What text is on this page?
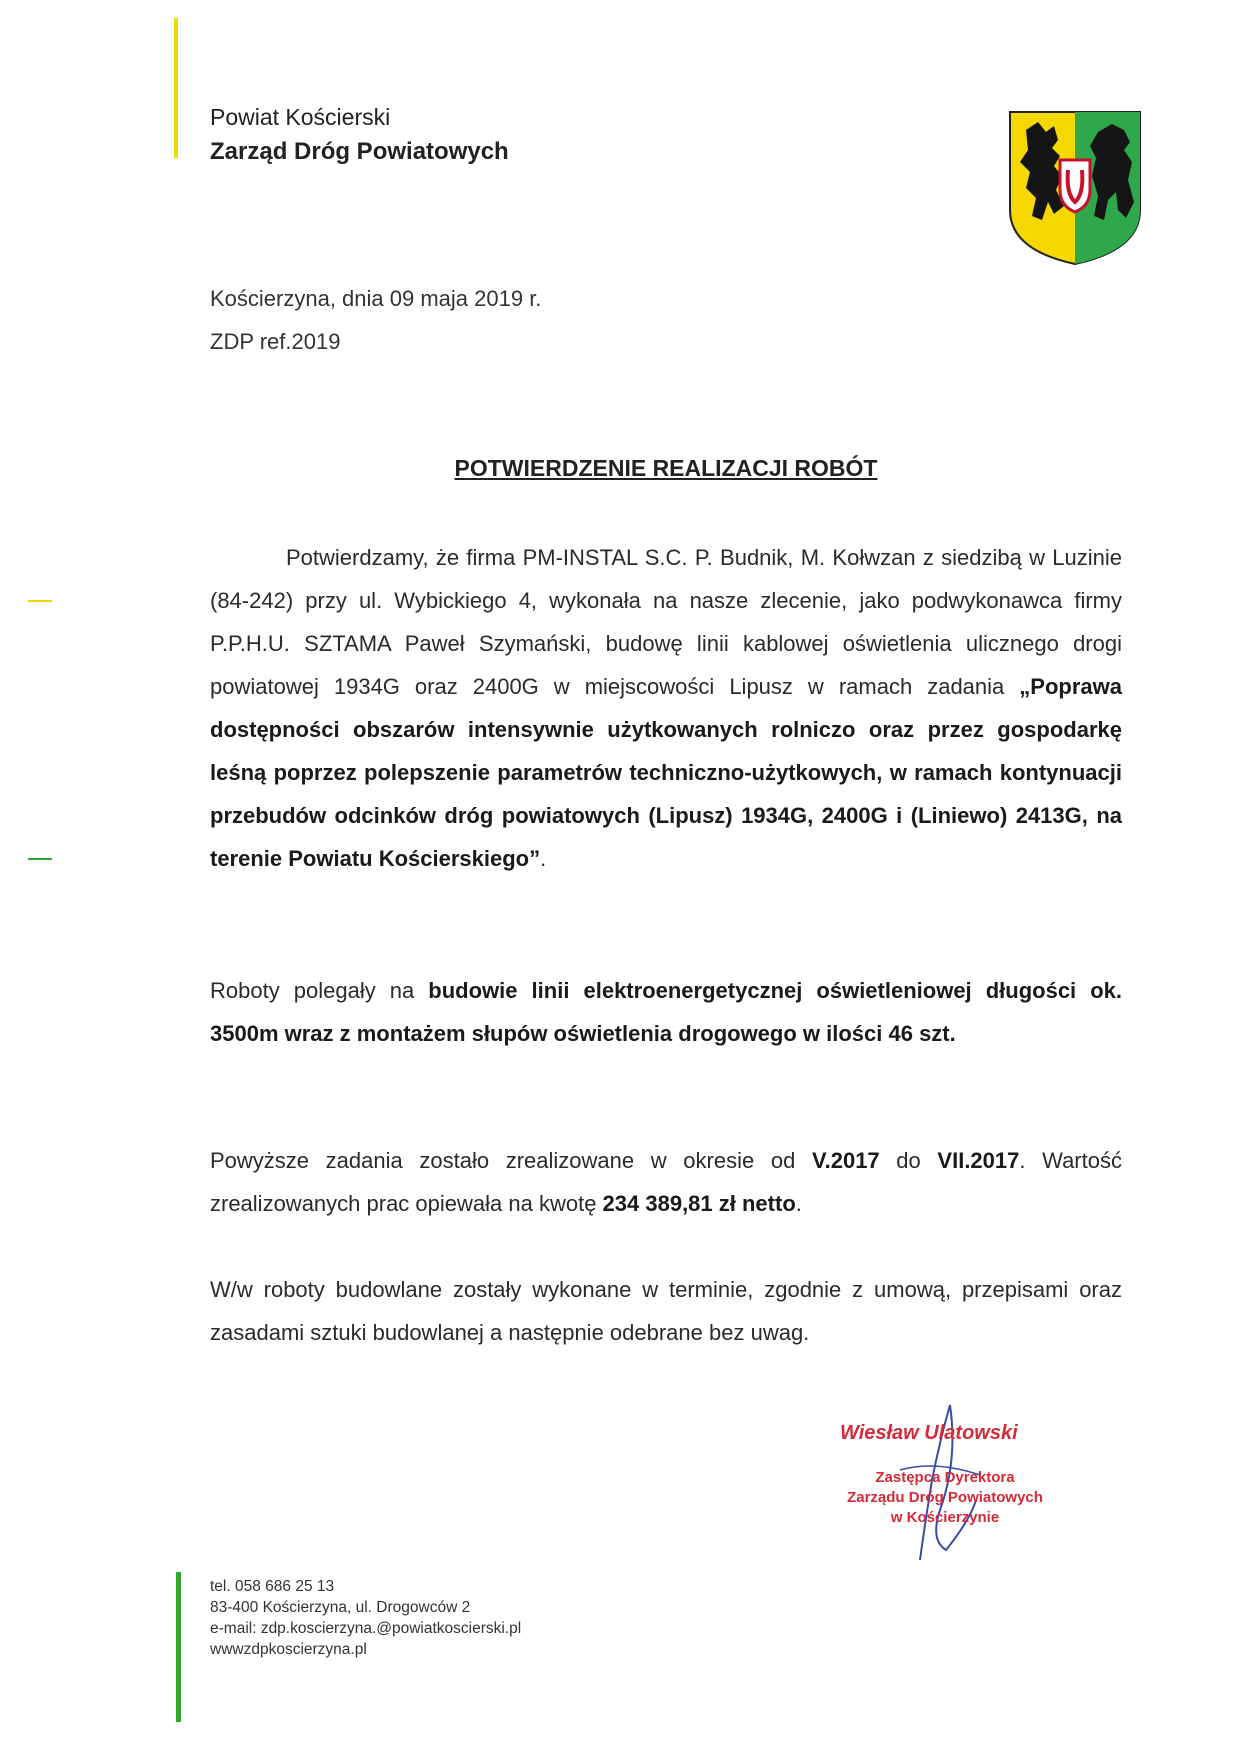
Powiat Kościerski
Zarząd Dróg Powiatowych
Kościerzyna, dnia 09 maja 2019 r.
ZDP ref.2019
POTWIERDZENIE REALIZACJI ROBÓT
Potwierdzamy, że firma PM-INSTAL S.C. P. Budnik, M. Kołwzan z siedzibą w Luzinie (84-242) przy ul. Wybickiego 4, wykonała na nasze zlecenie, jako podwykonawca firmy P.P.H.U. SZTAMA Paweł Szymański, budowę linii kablowej oświetlenia ulicznego drogi powiatowej 1934G oraz 2400G w miejscowości Lipusz w ramach zadania „Poprawa dostępności obszarów intensywnie użytkowanych rolniczo oraz przez gospodarkę leśną poprzez polepszenie parametrów techniczno-użytkowych, w ramach kontynuacji przebudów odcinków dróg powiatowych (Lipusz) 1934G, 2400G i (Liniewo) 2413G, na terenie Powiatu Kościerskiego”.
Roboty polegały na budowie linii elektroenergetycznej oświetleniowej długości ok. 3500m wraz z montażem słupów oświetlenia drogowego w ilości 46 szt.
Powyższe zadania zostało zrealizowane w okresie od V.2017 do VII.2017. Wartość zrealizowanych prac opiewała na kwotę 234 389,81 zł netto.
W/w roboty budowlane zostały wykonane w terminie, zgodnie z umową, przepisami oraz zasadami sztuki budowlanej a następnie odebrane bez uwag.
Wiesław Ulatowski
Zastępca Dyrektora
Zarządu Dróg Powiatowych
w Kościerzynie
tel. 058 686 25 13
83-400 Kościerzyna, ul. Drogowców 2
e-mail: zdp.koscierzyna.@powiatkoscierski.pl
wwwzdpkoscierzyna.pl
